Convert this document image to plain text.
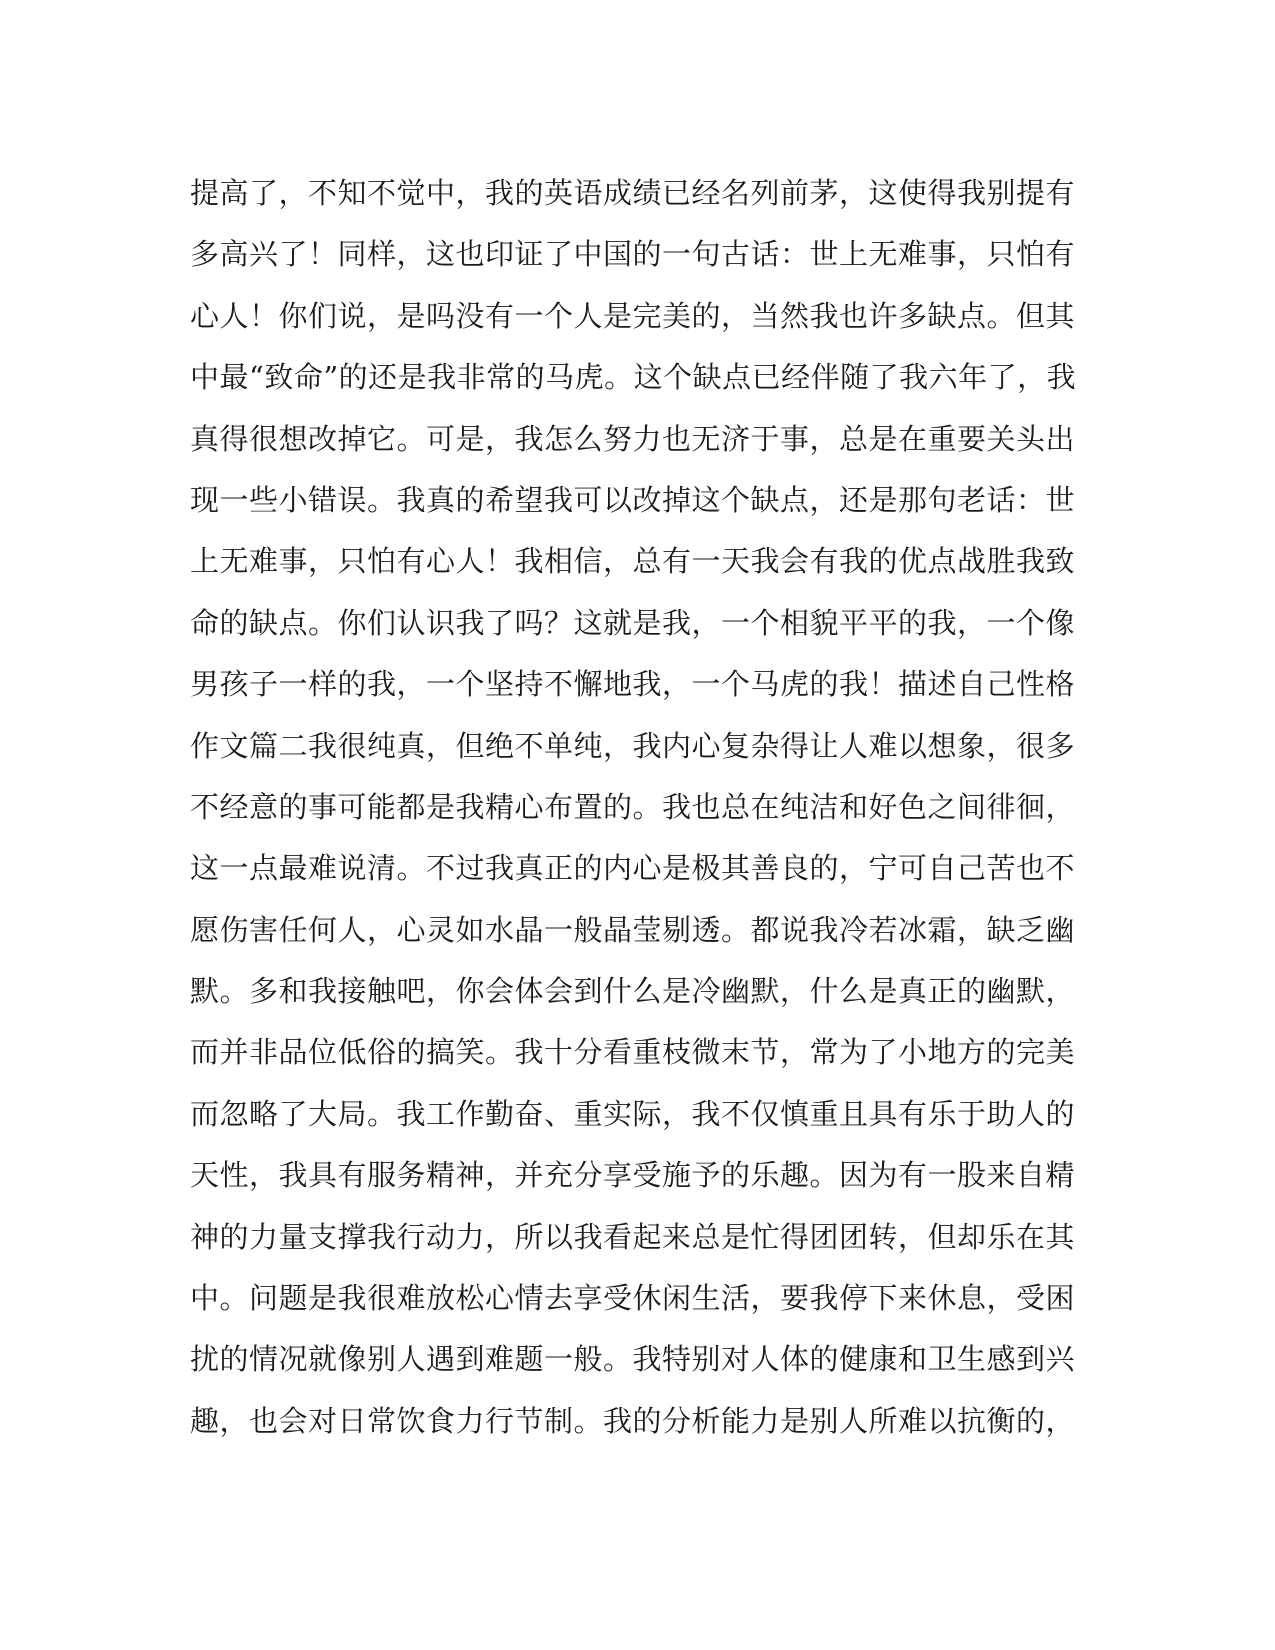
提高了，不知不觉中，我的英语成绩已经名列前茅，这使得我别提有
多高兴了！同样，这也印证了中国的一句古话：世上无难事，只怕有
心人！你们说，是吗没有一个人是完美的，当然我也许多缺点。但其
中最“致命”的还是我非常的马虎。这个缺点已经伴随了我六年了，我
真得很想改掉它。可是，我怎么努力也无济于事，总是在重要关头出
现一些小错误。我真的希望我可以改掉这个缺点，还是那句老话：世
上无难事，只怕有心人！我相信，总有一天我会有我的优点战胜我致
命的缺点。你们认识我了吗？这就是我，一个相貌平平的我，一个像
男孩子一样的我，一个坚持不懈地我，一个马虎的我！描述自己性格
作文篇二我很纯真，但绝不单纯，我内心复杂得让人难以想象，很多
不经意的事可能都是我精心布置的。我也总在纯洁和好色之间徘徊，
这一点最难说清。不过我真正的内心是极其善良的，宁可自己苦也不
愿伤害任何人，心灵如水晶一般晶莹剔透。都说我冷若冰霜，缺乏幽
默。多和我接触吧，你会体会到什么是冷幽默，什么是真正的幽默，
而并非品位低俗的搞笑。我十分看重枝微末节，常为了小地方的完美
而忽略了大局。我工作勤奋、重实际，我不仅慎重且具有乐于助人的
天性，我具有服务精神，并充分享受施予的乐趣。因为有一股来自精
神的力量支撑我行动力，所以我看起来总是忙得团团转，但却乐在其
中。问题是我很难放松心情去享受休闲生活，要我停下来休息，受困
扰的情况就像别人遇到难题一般。我特别对人体的健康和卫生感到兴
趣，也会对日常饮食力行节制。我的分析能力是别人所难以抗衡的，
